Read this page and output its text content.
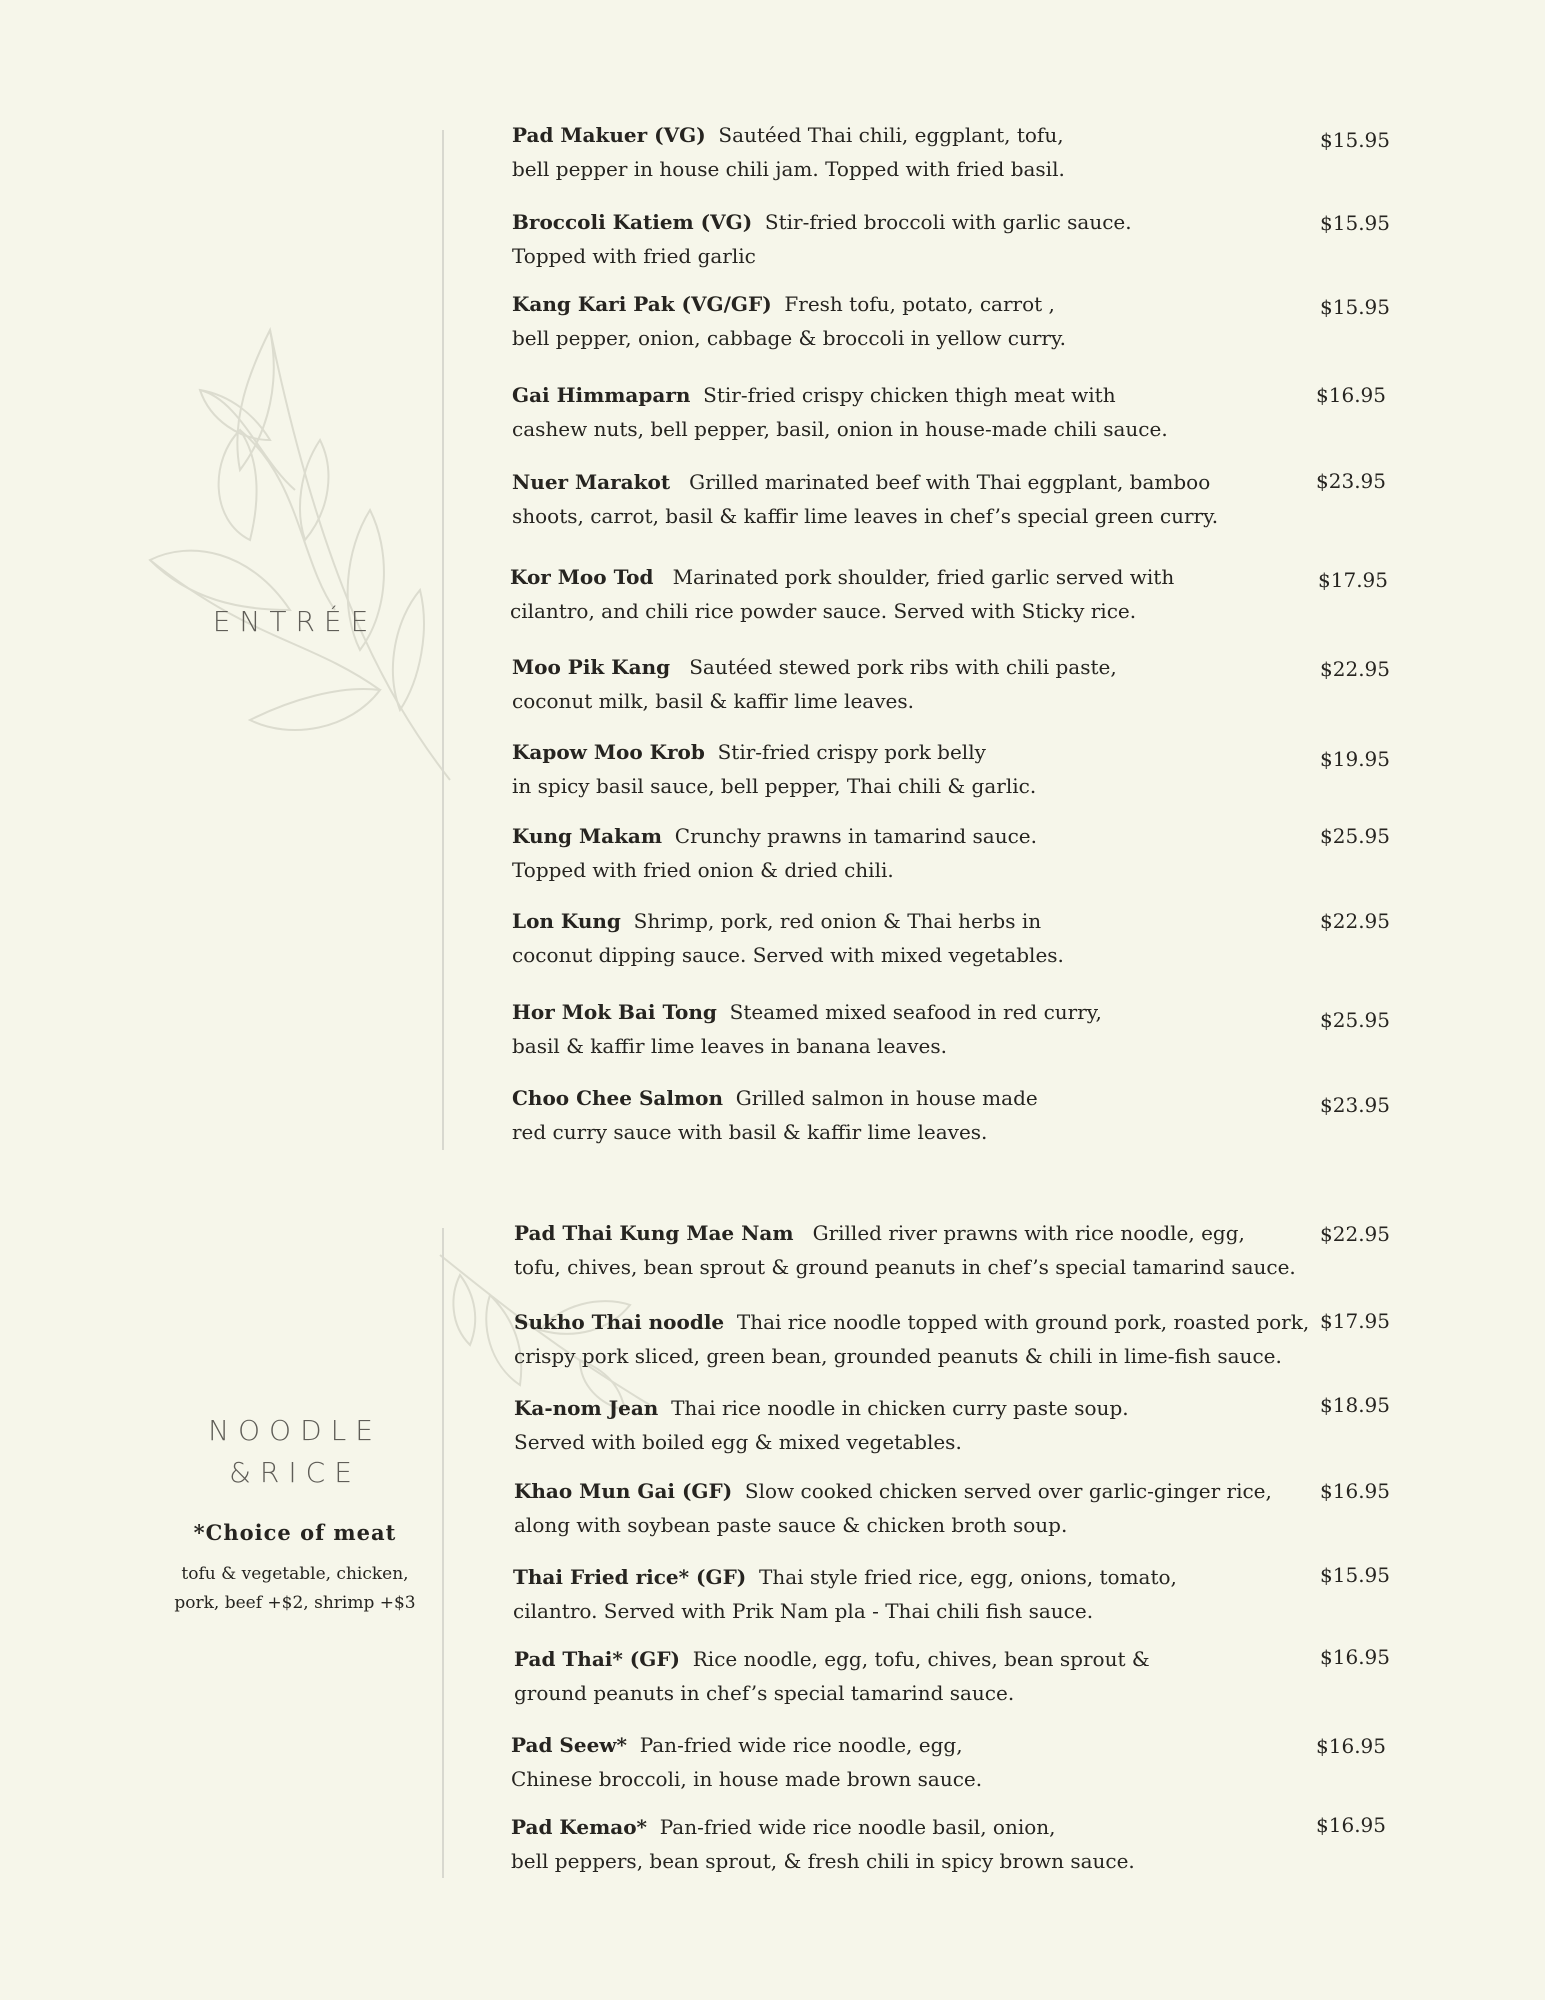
ENTRÉE
NOODLE
&RICE
*Choice of meat
tofu & vegetable, chicken,
pork, beef +$2, shrimp +$3
Pad Makuer (VG) Sautéed Thai chili, eggplant, tofu,
bell pepper in house chili jam. Topped with fried basil.
$15.95
Broccoli Katiem (VG) Stir-fried broccoli with garlic sauce.
Topped with fried garlic
$15.95
Kang Kari Pak (VG/GF) Fresh tofu, potato, carrot ,
bell pepper, onion, cabbage & broccoli in yellow curry.
$15.95
Gai Himmaparn Stir-fried crispy chicken thigh meat with
cashew nuts, bell pepper, basil, onion in house-made chili sauce.
$16.95
Nuer Marakot Grilled marinated beef with Thai eggplant, bamboo
shoots, carrot, basil & kaffir lime leaves in chef’s special green curry.
$23.95
Kor Moo Tod Marinated pork shoulder, fried garlic served with
cilantro, and chili rice powder sauce. Served with Sticky rice.
$17.95
Moo Pik Kang Sautéed stewed pork ribs with chili paste,
coconut milk, basil & kaffir lime leaves.
$22.95
Kapow Moo Krob Stir-fried crispy pork belly
in spicy basil sauce, bell pepper, Thai chili & garlic.
$19.95
Kung Makam Crunchy prawns in tamarind sauce.
Topped with fried onion & dried chili.
$25.95
Lon Kung Shrimp, pork, red onion & Thai herbs in
coconut dipping sauce. Served with mixed vegetables.
$22.95
Hor Mok Bai Tong Steamed mixed seafood in red curry,
basil & kaffir lime leaves in banana leaves.
$25.95
Choo Chee Salmon Grilled salmon in house made
red curry sauce with basil & kaffir lime leaves.
$23.95
Pad Thai Kung Mae Nam Grilled river prawns with rice noodle, egg,
tofu, chives, bean sprout & ground peanuts in chef’s special tamarind sauce.
$22.95
Sukho Thai noodle Thai rice noodle topped with ground pork, roasted pork,
crispy pork sliced, green bean, grounded peanuts & chili in lime-fish sauce.
$17.95
Ka-nom Jean Thai rice noodle in chicken curry paste soup.
Served with boiled egg & mixed vegetables.
$18.95
Khao Mun Gai (GF) Slow cooked chicken served over garlic-ginger rice,
along with soybean paste sauce & chicken broth soup.
$16.95
Thai Fried rice* (GF) Thai style fried rice, egg, onions, tomato,
cilantro. Served with Prik Nam pla - Thai chili fish sauce.
$15.95
Pad Thai* (GF) Rice noodle, egg, tofu, chives, bean sprout &
ground peanuts in chef’s special tamarind sauce.
$16.95
Pad Seew* Pan-fried wide rice noodle, egg,
Chinese broccoli, in house made brown sauce.
$16.95
Pad Kemao* Pan-fried wide rice noodle basil, onion,
bell peppers, bean sprout, & fresh chili in spicy brown sauce.
$16.95
